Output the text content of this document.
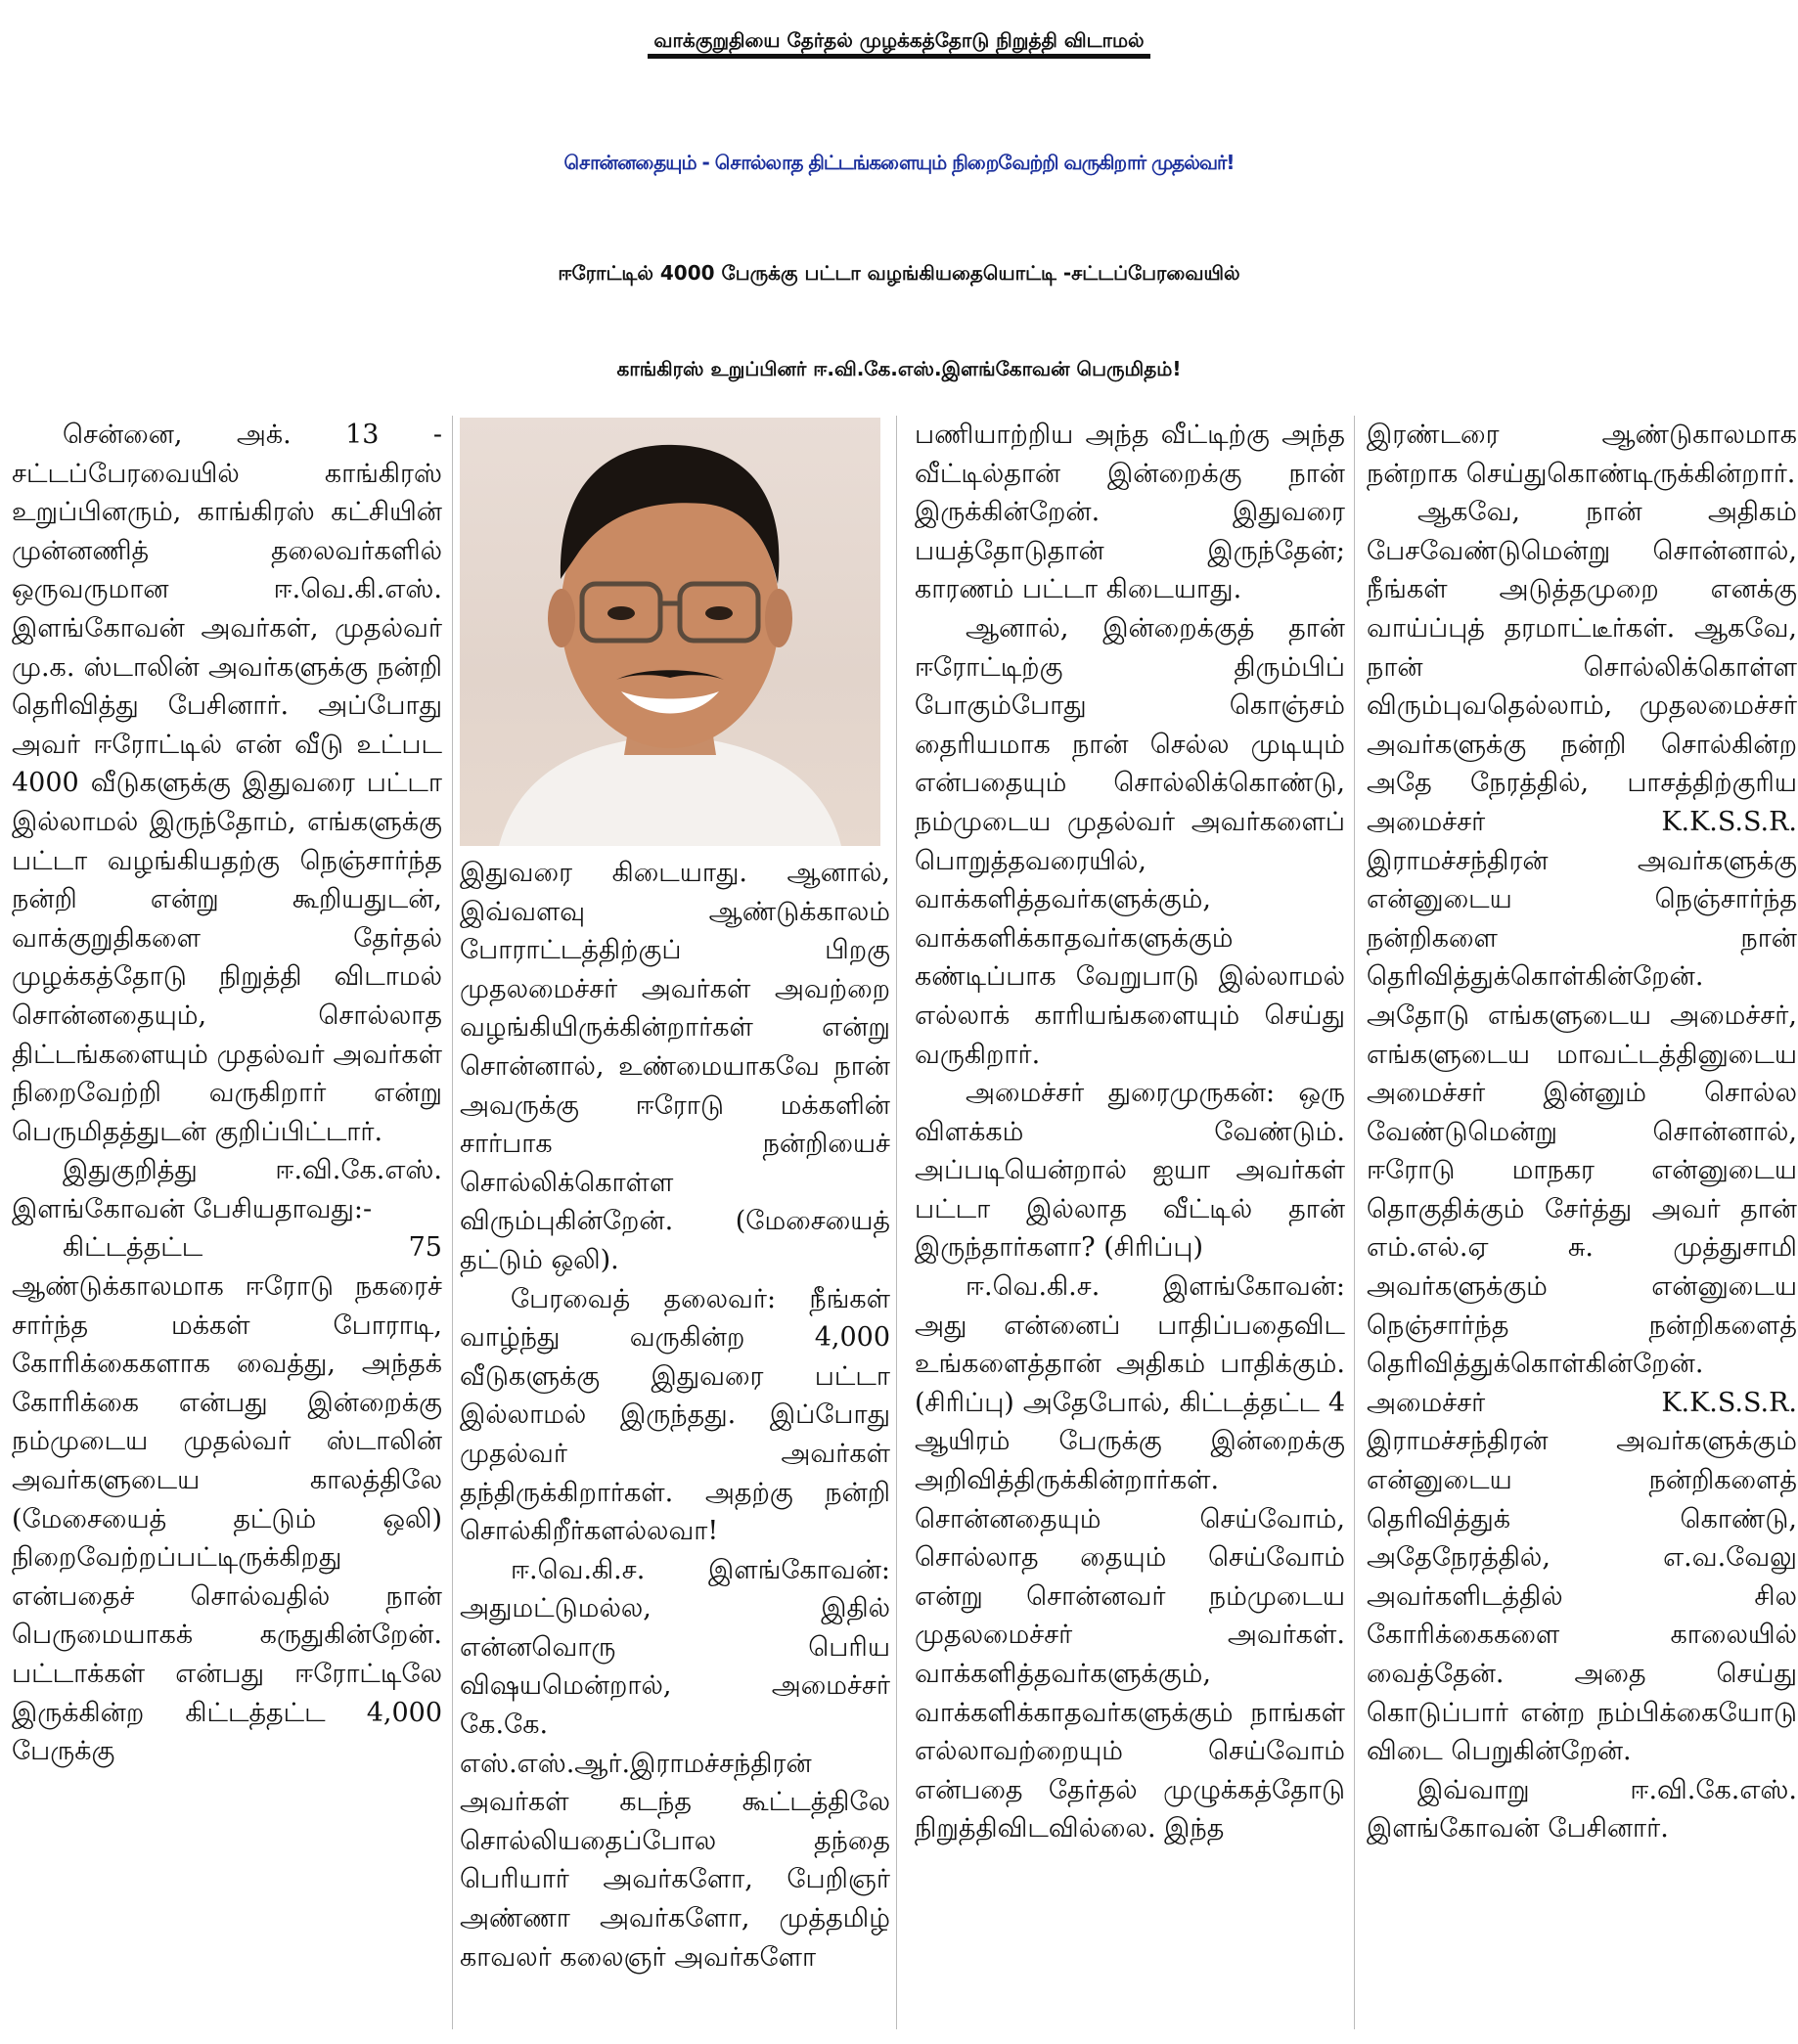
வாக்குறுதியை தேர்தல் முழக்கத்தோடு நிறுத்தி விடாமல்
சொன்னதையும் - சொல்லாத திட்டங்களையும் நிறைவேற்றி வருகிறார் முதல்வர்!
ஈரோட்டில் 4000 பேருக்கு பட்டா வழங்கியதையொட்டி -சட்டப்பேரவையில்
காங்கிரஸ் உறுப்பினர் ஈ.வி.கே.எஸ்.இளங்கோவன் பெருமிதம்!

சென்னை, அக். 13 - சட்டப்பேரவையில் காங்கிரஸ் உறுப்பினரும், காங்கிரஸ் கட்சியின் முன்னணித் தலைவர்களில் ஒருவருமான ஈ.வெ.கி.எஸ். இளங்கோவன் அவர்கள், முதல்வர் மு.க. ஸ்டாலின் அவர்களுக்கு நன்றி தெரிவித்து பேசினார். அப்போது அவர் ஈரோட்டில் என் வீடு உட்பட 4000 வீடுகளுக்கு இதுவரை பட்டா இல்லாமல் இருந்தோம், எங்களுக்கு பட்டா வழங்கியதற்கு நெஞ்சார்ந்த நன்றி என்று கூறியதுடன், வாக்குறுதிகளை தேர்தல் முழக்கத்தோடு நிறுத்தி விடாமல் சொன்னதையும், சொல்லாத திட்டங்களையும் முதல்வர் அவர்கள் நிறைவேற்றி வருகிறார் என்று பெருமிதத்துடன் குறிப்பிட்டார்.

இதுகுறித்து ஈ.வி.கே.எஸ். இளங்கோவன் பேசியதாவது:-

கிட்டத்தட்ட 75 ஆண்டுக்காலமாக ஈரோடு நகரைச் சார்ந்த மக்கள் போராடி, கோரிக்கைகளாக வைத்து, அந்தக் கோரிக்கை என்பது இன்றைக்கு நம்முடைய முதல்வர் ஸ்டாலின் அவர்களுடைய காலத்திலே (மேசையைத் தட்டும் ஒலி) நிறைவேற்றப்பட்டிருக்கிறது என்பதைச் சொல்வதில் நான் பெருமையாகக் கருதுகின்றேன். பட்டாக்கள் என்பது ஈரோட்டிலே இருக்கின்ற கிட்டத்தட்ட 4,000 பேருக்கு

இதுவரை கிடையாது. ஆனால், இவ்வளவு ஆண்டுக்காலம் போராட்டத்திற்குப் பிறகு முதலமைச்சர் அவர்கள் அவற்றை வழங்கியிருக்கின்றார்கள் என்று சொன்னால், உண்மையாகவே நான் அவருக்கு ஈரோடு மக்களின் சார்பாக நன்றியைச் சொல்லிக்கொள்ள விரும்புகின்றேன். (மேசையைத் தட்டும் ஒலி).

பேரவைத் தலைவர்: நீங்கள் வாழ்ந்து வருகின்ற 4,000 வீடுகளுக்கு இதுவரை பட்டா இல்லாமல் இருந்தது. இப்போது முதல்வர் அவர்கள் தந்திருக்கிறார்கள். அதற்கு நன்றி சொல்கிறீர்களல்லவா!

ஈ.வெ.கி.ச. இளங்கோவன்: அதுமட்டுமல்ல, இதில் என்னவொரு பெரிய விஷயமென்றால், அமைச்சர் கே.கே. எஸ்.எஸ்.ஆர்.இராமச்சந்திரன் அவர்கள் கடந்த கூட்டத்திலே சொல்லியதைப்போல தந்தை பெரியார் அவர்களோ, பேறிஞர் அண்ணா அவர்களோ, முத்தமிழ் காவலர் கலைஞர் அவர்களோ

பணியாற்றிய அந்த வீட்டிற்கு அந்த வீட்டில்தான் இன்றைக்கு நான் இருக்கின்றேன். இதுவரை பயத்தோடுதான் இருந்தேன்; காரணம் பட்டா கிடையாது.

ஆனால், இன்றைக்குத் தான் ஈரோட்டிற்கு திரும்பிப் போகும்போது கொஞ்சம் தைரியமாக நான் செல்ல முடியும் என்பதையும் சொல்லிக்கொண்டு, நம்முடைய முதல்வர் அவர்களைப் பொறுத்தவரையில், வாக்களித்தவர்களுக்கும், வாக்களிக்காதவர்களுக்கும் கண்டிப்பாக வேறுபாடு இல்லாமல் எல்லாக் காரியங்களையும் செய்து வருகிறார்.

அமைச்சர் துரைமுருகன்: ஒரு விளக்கம் வேண்டும். அப்படியென்றால் ஐயா அவர்கள் பட்டா இல்லாத வீட்டில் தான் இருந்தார்களா? (சிரிப்பு)

ஈ.வெ.கி.ச. இளங்கோவன்: அது என்னைப் பாதிப்பதைவிட உங்களைத்தான் அதிகம் பாதிக்கும்.(சிரிப்பு) அதேபோல், கிட்டத்தட்ட 4 ஆயிரம் பேருக்கு இன்றைக்கு அறிவித்திருக்கின்றார்கள். சொன்னதையும் செய்வோம், சொல்லாத தையும் செய்வோம் என்று சொன்னவர் நம்முடைய முதலமைச்சர் அவர்கள். வாக்களித்தவர்களுக்கும், வாக்களிக்காதவர்களுக்கும் நாங்கள் எல்லாவற்றையும் செய்வோம் என்பதை தேர்தல் முழுக்கத்தோடு நிறுத்திவிடவில்லை. இந்த

இரண்டரை ஆண்டுகாலமாக நன்றாக செய்துகொண்டிருக்கின்றார்.

ஆகவே, நான் அதிகம் பேசவேண்டுமென்று சொன்னால், நீங்கள் அடுத்தமுறை எனக்கு வாய்ப்புத் தரமாட்டீர்கள். ஆகவே, நான் சொல்லிக்கொள்ள விரும்புவதெல்லாம், முதலமைச்சர் அவர்களுக்கு நன்றி சொல்கின்ற அதே நேரத்தில், பாசத்திற்குரிய அமைச்சர் K.K.S.S.R. இராமச்சந்திரன் அவர்களுக்கு என்னுடைய நெஞ்சார்ந்த நன்றிகளை நான் தெரிவித்துக்கொள்கின்றேன். அதோடு எங்களுடைய அமைச்சர், எங்களுடைய மாவட்டத்தினுடைய அமைச்சர் இன்னும் சொல்ல வேண்டுமென்று சொன்னால், ஈரோடு மாநகர என்னுடைய தொகுதிக்கும் சேர்த்து அவர் தான் எம்.எல்.ஏ சு. முத்துசாமி அவர்களுக்கும் என்னுடைய நெஞ்சார்ந்த நன்றிகளைத் தெரிவித்துக்கொள்கின்றேன். அமைச்சர் K.K.S.S.R. இராமச்சந்திரன் அவர்களுக்கும் என்னுடைய நன்றிகளைத் தெரிவித்துக் கொண்டு, அதேநேரத்தில், எ.வ.வேலு அவர்களிடத்தில் சில கோரிக்கைகளை காலையில் வைத்தேன். அதை செய்து கொடுப்பார் என்ற நம்பிக்கையோடு விடை பெறுகின்றேன்.

இவ்வாறு ஈ.வி.கே.எஸ். இளங்கோவன் பேசினார்.
